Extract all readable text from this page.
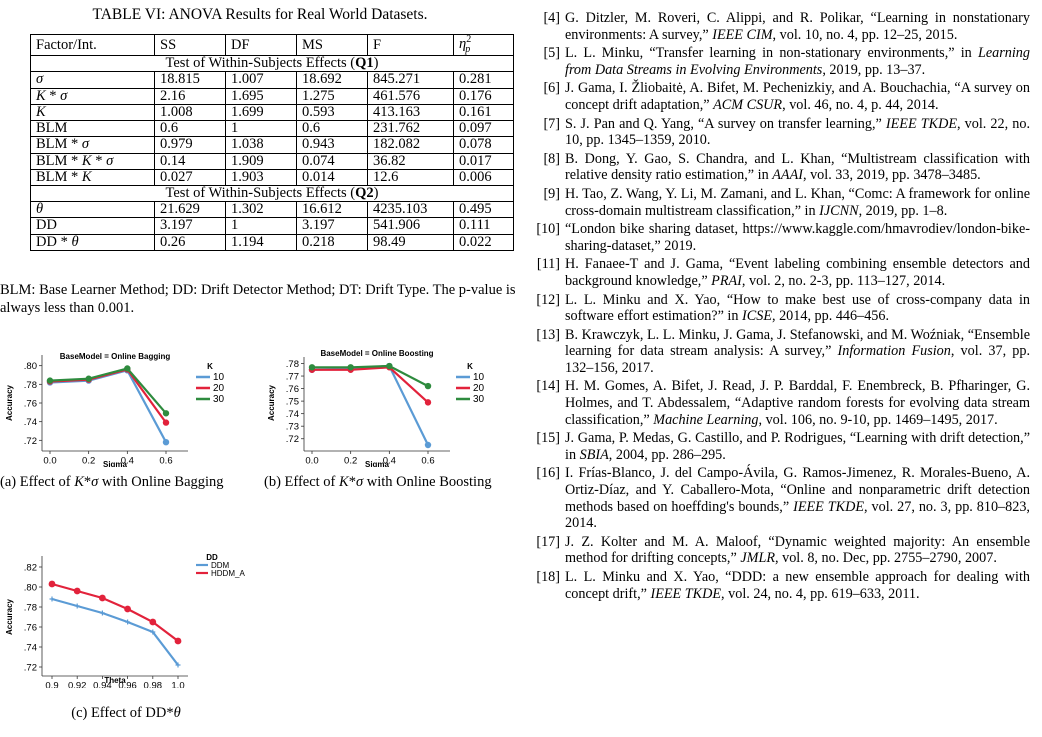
TABLE VI: ANOVA Results for Real World Datasets.
Factor/Int.	SS	DF	MS	F	$\eta^2_p$
Test of Within-Subjects Effects (Q1)					
σ	18.815	1.007	18.692	845.271	0.281
K * σ	2.16	1.695	1.275	461.576	0.176
K	1.008	1.699	0.593	413.163	0.161
BLM	0.6	1	0.6	231.762	0.097
BLM * σ	0.979	1.038	0.943	182.082	0.078
BLM * K * σ	0.14	1.909	0.074	36.82	0.017
BLM * K	0.027	1.903	0.014	12.6	0.006
Test of Within-Subjects Effects (Q2)					
θ	21.629	1.302	16.612	4235.103	0.495
DD	3.197	1	3.197	541.906	0.111
DD * θ	0.26	1.194	0.218	98.49	0.022
BLM: Base Learner Method; DD: Drift Detector Method; DT: Drift Type. The p-value is always less than 0.001.
BaseModel = Online Bagging
.72
.74
.76
.78
.80
0.0	0.2	0.4	0.6
Sigma
Accuracy
K
10
20
30
(a) Effect of K*σ with Online Bagging
BaseModel = Online Boosting
.72
.73
.74
.75
.76
.77
.78
0.0	0.2	0.4	0.6
Sigma
Accuracy
K
10
20
30
(b) Effect of K*σ with Online Boosting
.72
.74
.76
.78
.80
.82
0.9 0.92 0.94 0.96 0.98 1.0
Theta
Accuracy
DD
DDM
HDDM_A
(c) Effect of DD*θ
[4] G. Ditzler, M. Roveri, C. Alippi, and R. Polikar, “Learning in nonstationary environments: A survey,” IEEE CIM, vol. 10, no. 4, pp. 12–25, 2015.
[5] L. L. Minku, “Transfer learning in non-stationary environments,” in Learning from Data Streams in Evolving Environments, 2019, pp. 13–37.
[6] J. Gama, I. Žliobaitė, A. Bifet, M. Pechenizkiy, and A. Bouchachia, “A survey on concept drift adaptation,” ACM CSUR, vol. 46, no. 4, p. 44, 2014.
[7] S. J. Pan and Q. Yang, “A survey on transfer learning,” IEEE TKDE, vol. 22, no. 10, pp. 1345–1359, 2010.
[8] B. Dong, Y. Gao, S. Chandra, and L. Khan, “Multistream classification with relative density ratio estimation,” in AAAI, vol. 33, 2019, pp. 3478–3485.
[9] H. Tao, Z. Wang, Y. Li, M. Zamani, and L. Khan, “Comc: A framework for online cross-domain multistream classification,” in IJCNN, 2019, pp. 1–8.
[10] “London bike sharing dataset, https://www.kaggle.com/hmavrodiev/london-bike-sharing-dataset,” 2019.
[11] H. Fanaee-T and J. Gama, “Event labeling combining ensemble detectors and background knowledge,” PRAI, vol. 2, no. 2-3, pp. 113–127, 2014.
[12] L. L. Minku and X. Yao, “How to make best use of cross-company data in software effort estimation?” in ICSE, 2014, pp. 446–456.
[13] B. Krawczyk, L. L. Minku, J. Gama, J. Stefanowski, and M. Woźniak, “Ensemble learning for data stream analysis: A survey,” Information Fusion, vol. 37, pp. 132–156, 2017.
[14] H. M. Gomes, A. Bifet, J. Read, J. P. Barddal, F. Enembreck, B. Pfharinger, G. Holmes, and T. Abdessalem, “Adaptive random forests for evolving data stream classification,” Machine Learning, vol. 106, no. 9-10, pp. 1469–1495, 2017.
[15] J. Gama, P. Medas, G. Castillo, and P. Rodrigues, “Learning with drift detection,” in SBIA, 2004, pp. 286–295.
[16] I. Frías-Blanco, J. del Campo-Ávila, G. Ramos-Jimenez, R. Morales-Bueno, A. Ortiz-Díaz, and Y. Caballero-Mota, “Online and nonparametric drift detection methods based on hoeffding's bounds,” IEEE TKDE, vol. 27, no. 3, pp. 810–823, 2014.
[17] J. Z. Kolter and M. A. Maloof, “Dynamic weighted majority: An ensemble method for drifting concepts,” JMLR, vol. 8, no. Dec, pp. 2755–2790, 2007.
[18] L. L. Minku and X. Yao, “DDD: a new ensemble approach for dealing with concept drift,” IEEE TKDE, vol. 24, no. 4, pp. 619–633, 2011.
